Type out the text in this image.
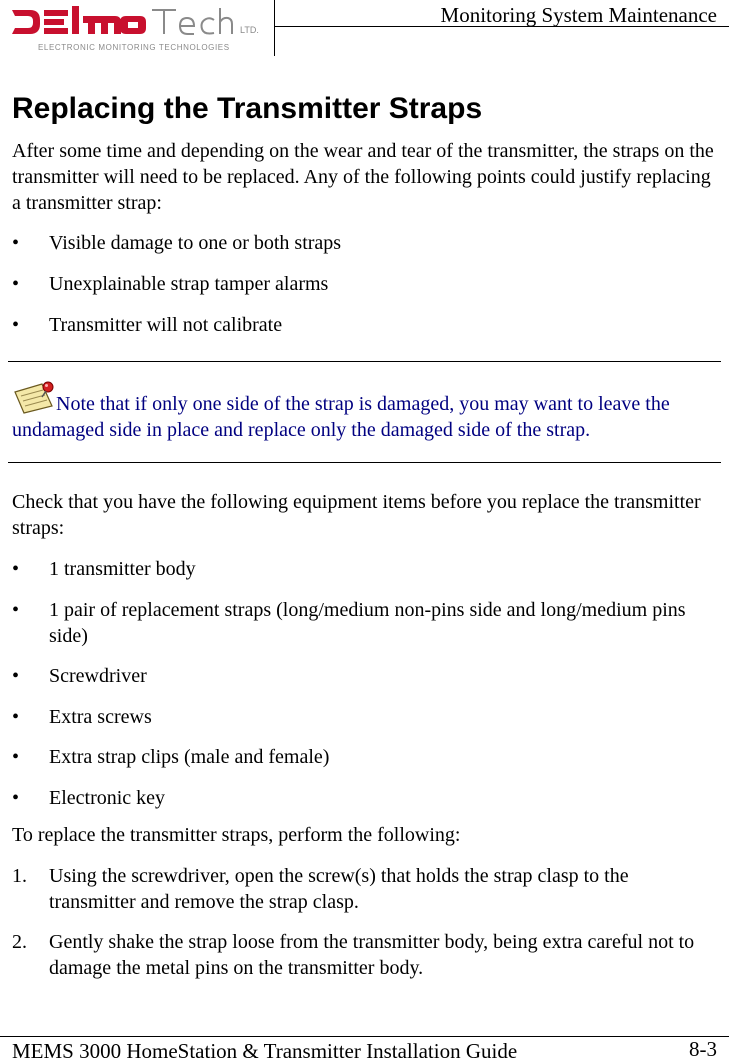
LTD.
ELECTRONIC MONITORING TECHNOLOGIES
Monitoring System Maintenance
Replacing the Transmitter Straps
After some time and depending on the wear and tear of the transmitter, the straps on the transmitter will need to be replaced. Any of the following points could justify replacing a transmitter strap:
•	Visible damage to one or both straps
•	Unexplainable strap tamper alarms
•	Transmitter will not calibrate
Note that if only one side of the strap is damaged, you may want to leave the undamaged side in place and replace only the damaged side of the strap.
Check that you have the following equipment items before you replace the transmitter straps:
•	1 transmitter body
•	1 pair of replacement straps (long/medium non-pins side and long/medium pins side)
•	Screwdriver
•	Extra screws
•	Extra strap clips (male and female)
•	Electronic key
To replace the transmitter straps, perform the following:
1. Using the screwdriver, open the screw(s) that holds the strap clasp to the transmitter and remove the strap clasp.
2. Gently shake the strap loose from the transmitter body, being extra careful not to damage the metal pins on the transmitter body.
MEMS 3000 HomeStation & Transmitter Installation Guide	8-3
